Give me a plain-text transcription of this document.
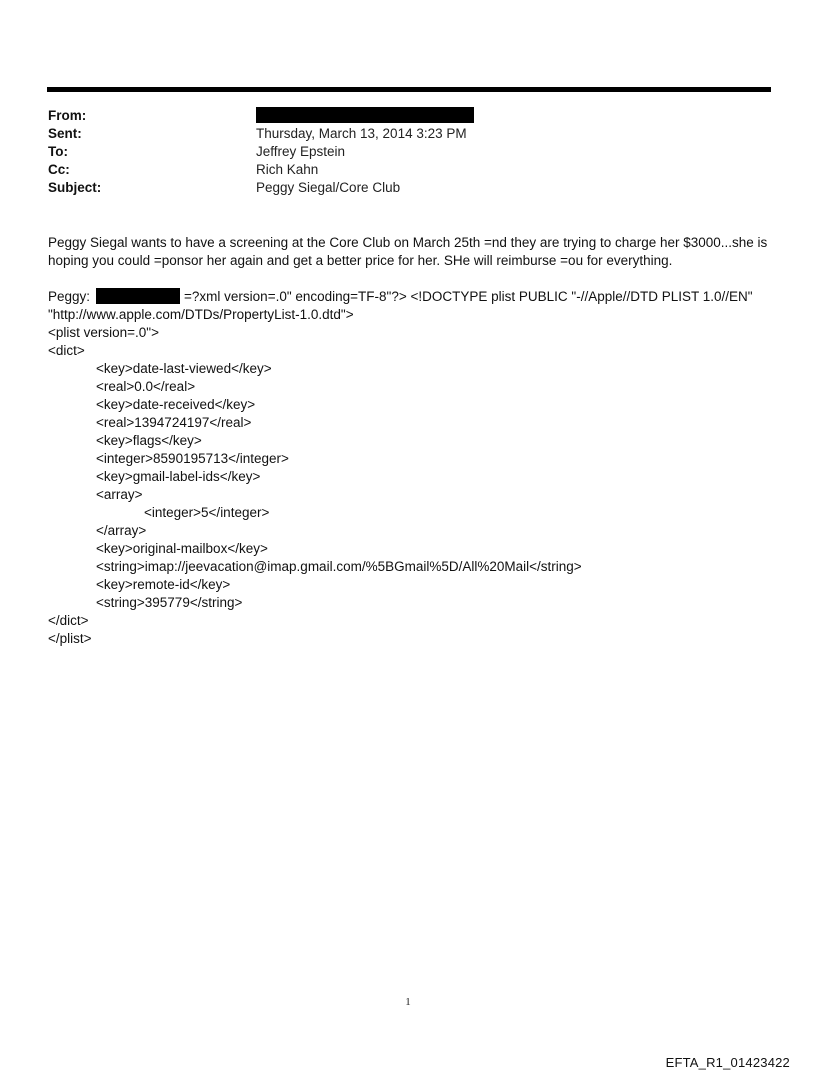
From:
Sent:	Thursday, March 13, 2014 3:23 PM
To:	Jeffrey Epstein
Cc:	Rich Kahn
Subject:	Peggy Siegal/Core Club
Peggy Siegal wants to have a screening at the Core Club on March 25th =nd they are trying to charge her $3000...she is
hoping you could =ponsor her again and get a better price for her. SHe will reimburse =ou for everything.
Peggy:	=?xml version=.0" encoding=TF-8"?> <!DOCTYPE plist PUBLIC "-//Apple//DTD PLIST 1.0//EN"
"http://www.apple.com/DTDs/PropertyList-1.0.dtd">
<plist version=.0">
<dict>
<key>date-last-viewed</key>
<real>0.0</real>
<key>date-received</key>
<real>1394724197</real>
<key>flags</key>
<integer>8590195713</integer>
<key>gmail-label-ids</key>
<array>
<integer>5</integer>
</array>
<key>original-mailbox</key>
<string>imap://jeevacation@imap.gmail.com/%5BGmail%5D/All%20Mail</string>
<key>remote-id</key>
<string>395779</string>
</dict>
</plist>
1
EFTA_R1_01423422
